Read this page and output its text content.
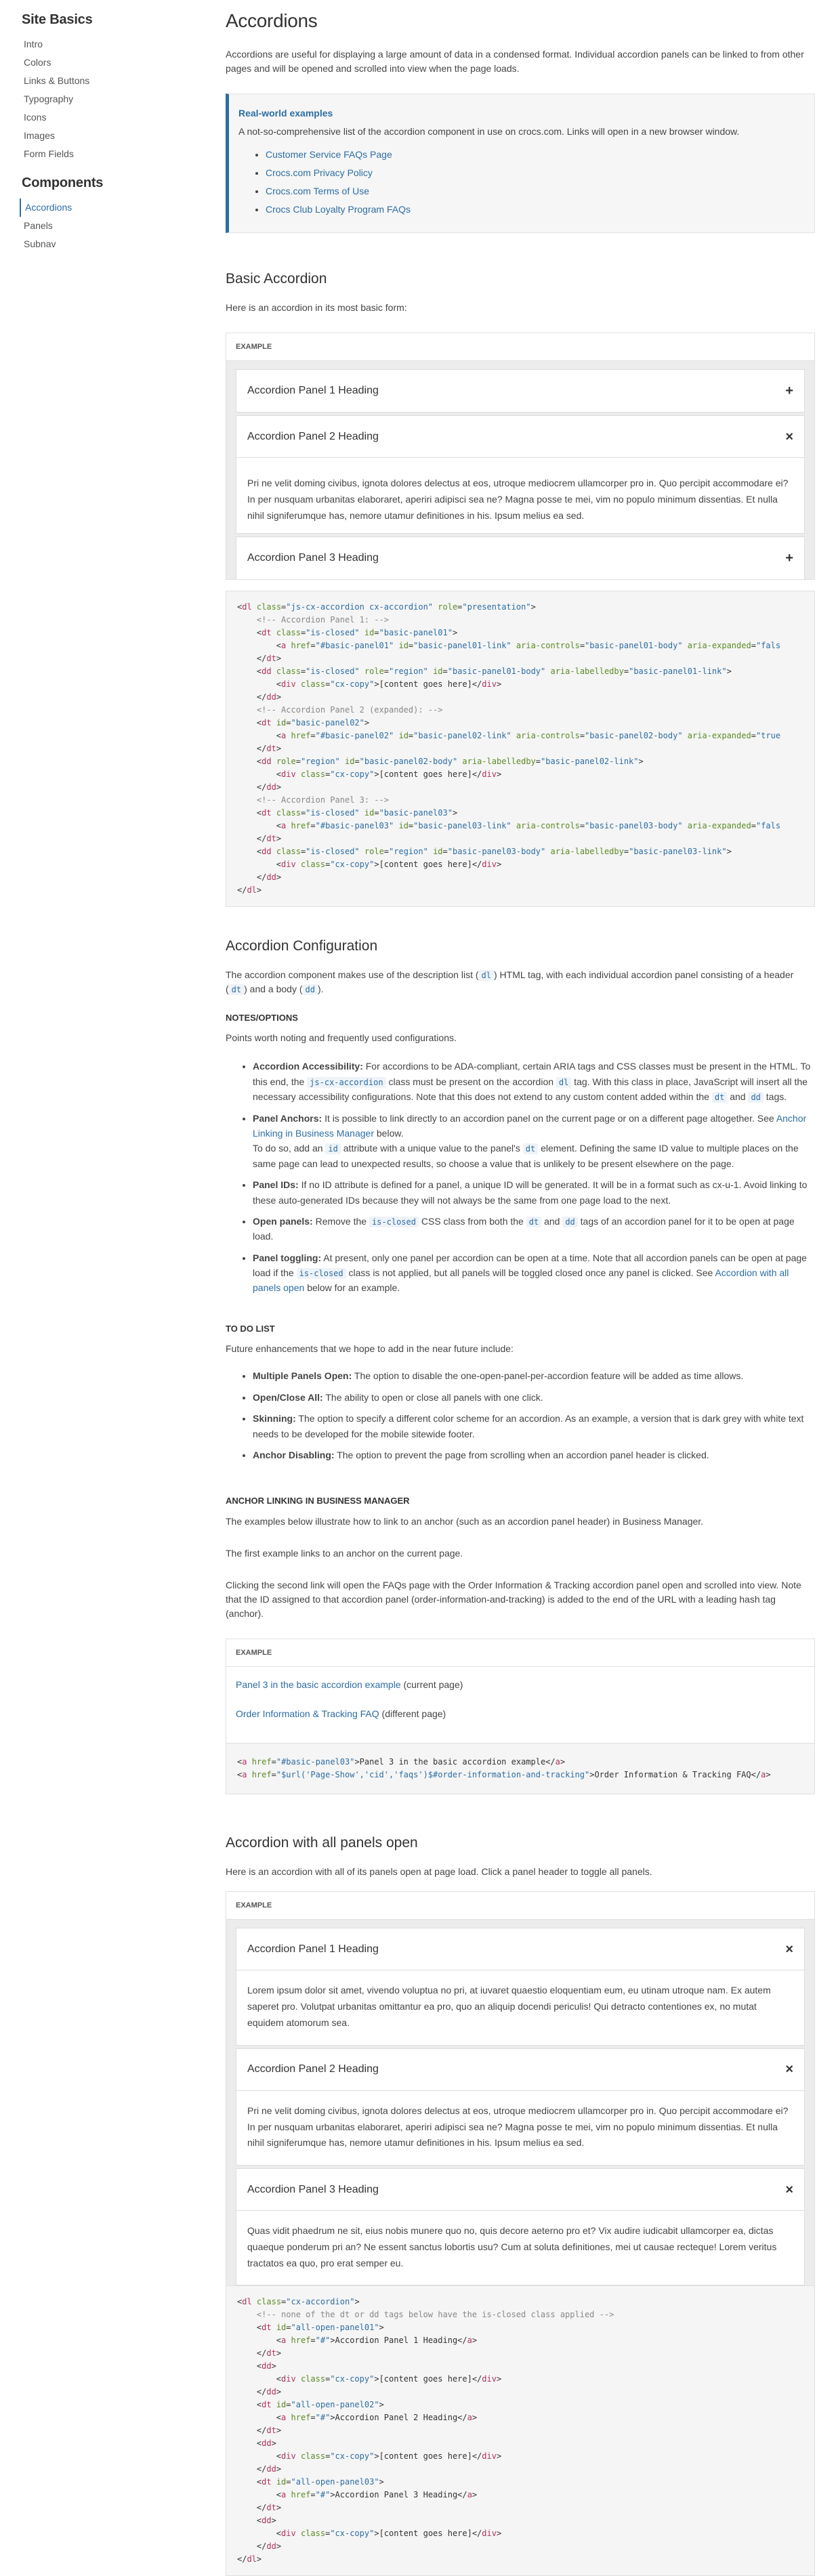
Site Basics
Intro
Colors
Links & Buttons
Typography
Icons
Images
Form Fields
Components
Accordions
Panels
Subnav
Accordions

Accordions are useful for displaying a large amount of data in a condensed format. Individual accordion panels can be linked to from other pages and will be opened and scrolled into view when the page loads.

Real-world examples
A not-so-comprehensive list of the accordion component in use on crocs.com. Links will open in a new browser window.
• Customer Service FAQs Page
• Crocs.com Privacy Policy
• Crocs.com Terms of Use
• Crocs Club Loyalty Program FAQs
Basic Accordion

Here is an accordion in its most basic form:

EXAMPLE
Accordion Panel 1 Heading	+
Accordion Panel 2 Heading	×
Pri ne velit doming civibus, ignota dolores delectus at eos, utroque mediocrem ullamcorper pro in. Quo percipit accommodare ei? In per nusquam urbanitas elaboraret, aperiri adipisci sea ne? Magna posse te mei, vim no populo minimum dissentias. Et nulla nihil signiferumque has, nemore utamur definitiones in his. Ipsum melius ea sed.
Accordion Panel 3 Heading	+
<dl class="js-cx-accordion cx-accordion" role="presentation">
<!-- Accordion Panel 1: -->
<dt class="is-closed" id="basic-panel01">
<a href="#basic-panel01" id="basic-panel01-link" aria-controls="basic-panel01-body" aria-expanded="fals
</dt>
<dd class="is-closed" role="region" id="basic-panel01-body" aria-labelledby="basic-panel01-link">
<div class="cx-copy">[content goes here]</div>
</dd>
<!-- Accordion Panel 2 (expanded): -->
<dt id="basic-panel02">
<a href="#basic-panel02" id="basic-panel02-link" aria-controls="basic-panel02-body" aria-expanded="true
</dt>
<dd role="region" id="basic-panel02-body" aria-labelledby="basic-panel02-link">
<div class="cx-copy">[content goes here]</div>
</dd>
<!-- Accordion Panel 3: -->
<dt class="is-closed" id="basic-panel03">
<a href="#basic-panel03" id="basic-panel03-link" aria-controls="basic-panel03-body" aria-expanded="fals
</dt>
<dd class="is-closed" role="region" id="basic-panel03-body" aria-labelledby="basic-panel03-link">
<div class="cx-copy">[content goes here]</div>
</dd>
</dl>
Accordion Configuration

The accordion component makes use of the description list ( dl ) HTML tag, with each individual accordion panel consisting of a header ( dt ) and a body ( dd ).

NOTES/OPTIONS

Points worth noting and frequently used configurations.

• Accordion Accessibility: For accordions to be ADA-compliant, certain ARIA tags and CSS classes must be present in the HTML. To this end, the js-cx-accordion class must be present on the accordion dl tag. With this class in place, JavaScript will insert all the necessary accessibility configurations. Note that this does not extend to any custom content added within the dt and dd tags.
• Panel Anchors: It is possible to link directly to an accordion panel on the current page or on a different page altogether. See Anchor Linking in Business Manager below.
To do so, add an id attribute with a unique value to the panel's dt element. Defining the same ID value to multiple places on the same page can lead to unexpected results, so choose a value that is unlikely to be present elsewhere on the page.
• Panel IDs: If no ID attribute is defined for a panel, a unique ID will be generated. It will be in a format such as cx-u-1. Avoid linking to these auto-generated IDs because they will not always be the same from one page load to the next.
• Open panels: Remove the is-closed CSS class from both the dt and dd tags of an accordion panel for it to be open at page load.
• Panel toggling: At present, only one panel per accordion can be open at a time. Note that all accordion panels can be open at page load if the is-closed class is not applied, but all panels will be toggled closed once any panel is clicked. See Accordion with all panels open below for an example.
TO DO LIST

Future enhancements that we hope to add in the near future include:

• Multiple Panels Open: The option to disable the one-open-panel-per-accordion feature will be added as time allows.
• Open/Close All: The ability to open or close all panels with one click.
• Skinning: The option to specify a different color scheme for an accordion. As an example, a version that is dark grey with white text needs to be developed for the mobile sitewide footer.
• Anchor Disabling: The option to prevent the page from scrolling when an accordion panel header is clicked.
ANCHOR LINKING IN BUSINESS MANAGER

The examples below illustrate how to link to an anchor (such as an accordion panel header) in Business Manager.

The first example links to an anchor on the current page.

Clicking the second link will open the FAQs page with the Order Information & Tracking accordion panel open and scrolled into view. Note that the ID assigned to that accordion panel (order-information-and-tracking) is added to the end of the URL with a leading hash tag (anchor).

EXAMPLE

Panel 3 in the basic accordion example (current page)

Order Information & Tracking FAQ (different page)

<a href="#basic-panel03">Panel 3 in the basic accordion example</a>
<a href="$url('Page-Show','cid','faqs')$#order-information-and-tracking">Order Information & Tracking FAQ</a>
Accordion with all panels open

Here is an accordion with all of its panels open at page load. Click a panel header to toggle all panels.

EXAMPLE
Accordion Panel 1 Heading	×
Lorem ipsum dolor sit amet, vivendo voluptua no pri, at iuvaret quaestio eloquentiam eum, eu utinam utroque nam. Ex autem saperet pro. Volutpat urbanitas omittantur ea pro, quo an aliquip docendi periculis! Qui detracto contentiones ex, no mutat equidem atomorum sea.
Accordion Panel 2 Heading	×
Pri ne velit doming civibus, ignota dolores delectus at eos, utroque mediocrem ullamcorper pro in. Quo percipit accommodare ei? In per nusquam urbanitas elaboraret, aperiri adipisci sea ne? Magna posse te mei, vim no populo minimum dissentias. Et nulla nihil signiferumque has, nemore utamur definitiones in his. Ipsum melius ea sed.
Accordion Panel 3 Heading	×
Quas vidit phaedrum ne sit, eius nobis munere quo no, quis decore aeterno pro et? Vix audire iudicabit ullamcorper ea, dictas quaeque ponderum pri an? Ne essent sanctus lobortis usu? Cum at soluta definitiones, mei ut causae recteque! Lorem veritus tractatos ea quo, pro erat semper eu.
<dl class="cx-accordion">
<!-- none of the dt or dd tags below have the is-closed class applied -->
<dt id="all-open-panel01">
<a href="#">Accordion Panel 1 Heading</a>
</dt>
<dd>
<div class="cx-copy">[content goes here]</div>
</dd>
<dt id="all-open-panel02">
<a href="#">Accordion Panel 2 Heading</a>
</dt>
<dd>
<div class="cx-copy">[content goes here]</div>
</dd>
<dt id="all-open-panel03">
<a href="#">Accordion Panel 3 Heading</a>
</dt>
<dd>
<div class="cx-copy">[content goes here]</div>
</dd>
</dl>
